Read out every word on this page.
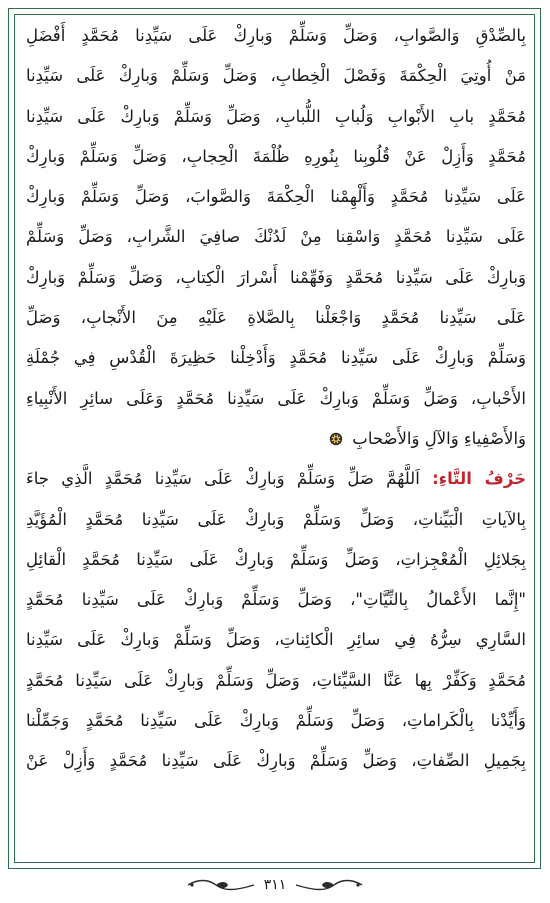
بِالصِّدْقِ وَالصَّوابِ، وَصَلِّ وَسَلِّمْ وَبارِكْ عَلَى سَيِّدِنا مُحَمَّدٍ أَفْضَلِ
مَنْ أُوتِيَ الْحِكْمَةَ وَفَصْلَ الْخِطابِ، وَصَلِّ وَسَلِّمْ وَبارِكْ عَلَى سَيِّدِنا
مُحَمَّدٍ بابِ الأَبْوابِ وَلُبابِ اللُّبابِ، وَصَلِّ وَسَلِّمْ وَبارِكْ عَلَى سَيِّدِنا
مُحَمَّدٍ وَأَزِلْ عَنْ قُلُوبِنا بِنُورِهِ ظُلْمَةَ الْحِجابِ، وَصَلِّ وَسَلِّمْ وَبارِكْ
عَلَى سَيِّدِنا مُحَمَّدٍ وَأَلْهِمْنا الْحِكْمَةَ وَالصَّوابَ، وَصَلِّ وَسَلِّمْ وَبارِكْ
عَلَى سَيِّدِنا مُحَمَّدٍ وَاسْقِنا مِنْ لَدُنْكَ صافِيَ الشَّرابِ، وَصَلِّ وَسَلِّمْ
وَبارِكْ عَلَى سَيِّدِنا مُحَمَّدٍ وَفَهِّمْنا أَسْرارَ الْكِتابِ، وَصَلِّ وَسَلِّمْ وَبارِكْ
عَلَى سَيِّدِنا مُحَمَّدٍ وَاجْعَلْنا بِالصَّلاةِ عَلَيْهِ مِنَ الأَنْجابِ، وَصَلِّ
وَسَلِّمْ وَبارِكْ عَلَى سَيِّدِنا مُحَمَّدٍ وَأَدْخِلْنا حَظِيرَةَ الْقُدْسِ فِي جُمْلَةِ
الأَحْبابِ، وَصَلِّ وَسَلِّمْ وَبارِكْ عَلَى سَيِّدِنا مُحَمَّدٍ وَعَلَى سائِرِ الأَنْبِياءِ
وَالأَصْفِياءِ وَالآلِ وَالأَصْحابِ
حَرْفُ التَّاءِ: اَللَّهُمَّ صَلِّ وَسَلِّمْ وَبارِكْ عَلَى سَيِّدِنا مُحَمَّدٍ الَّذِي جاءَ
بِالآياتِ الْبَيِّناتِ، وَصَلِّ وَسَلِّمْ وَبارِكْ عَلَى سَيِّدِنا مُحَمَّدٍ الْمُؤَيَّدِ
بِجَلائِلِ الْمُعْجِزاتِ، وَصَلِّ وَسَلِّمْ وَبارِكْ عَلَى سَيِّدِنا مُحَمَّدٍ الْقائِلِ
"إِنَّما الأَعْمالُ بِالنِّيَّاتِ"، وَصَلِّ وَسَلِّمْ وَبارِكْ عَلَى سَيِّدِنا مُحَمَّدٍ
السَّارِي سِرُّهُ فِي سائِرِ الْكائِناتِ، وَصَلِّ وَسَلِّمْ وَبارِكْ عَلَى سَيِّدِنا
مُحَمَّدٍ وَكَفِّرْ بِها عَنَّا السَّيِّئاتِ، وَصَلِّ وَسَلِّمْ وَبارِكْ عَلَى سَيِّدِنا مُحَمَّدٍ
وَأَيِّدْنا بِالْكَراماتِ، وَصَلِّ وَسَلِّمْ وَبارِكْ عَلَى سَيِّدِنا مُحَمَّدٍ وَجَمِّلْنا
بِجَمِيلِ الصِّفاتِ، وَصَلِّ وَسَلِّمْ وَبارِكْ عَلَى سَيِّدِنا مُحَمَّدٍ وَأَزِلْ عَنْ
٣١١
